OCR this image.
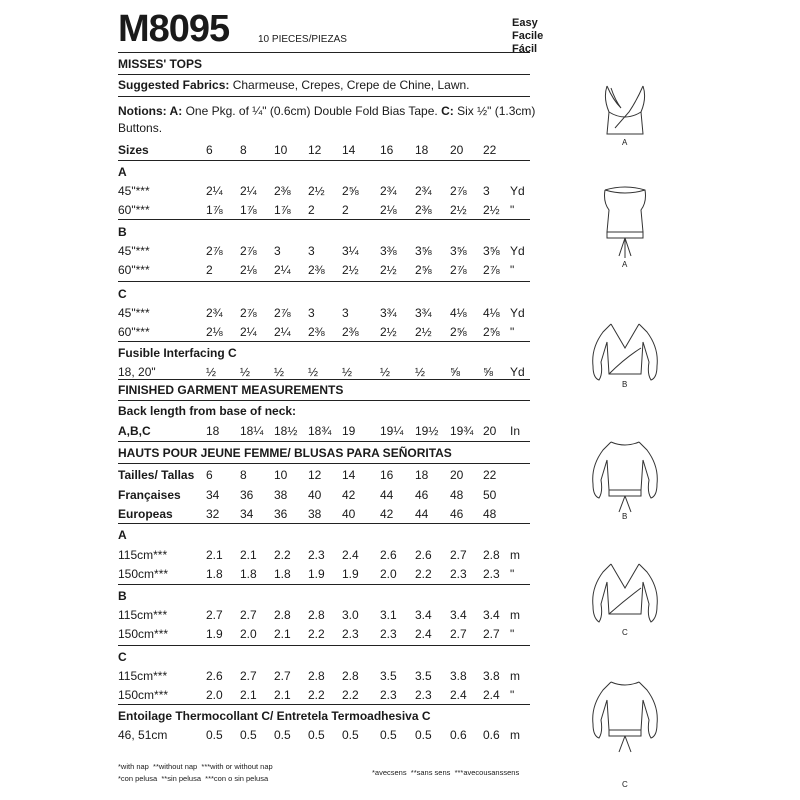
M8095	10 PIECES/PIEZAS
Easy
Facile
Fácil
MISSES' TOPS
Suggested Fabrics: Charmeuse, Crepes, Crepe de Chine, Lawn.
Notions: A: One Pkg. of ¼" (0.6cm) Double Fold Bias Tape. C: Six ½" (1.3cm)
Buttons.
Sizes	6 8 10 12 14 16 18 20 22
A
45"***	2¼ 2¼ 2⅜ 2½ 2⅝ 2¾ 2¾ 2⅞ 3 Yd
60"***	1⅞ 1⅞ 1⅞ 2 2	2⅛ 2⅜ 2½ 2½ "
B
45"***	2⅞ 2⅞ 3 3 3¼ 3⅜ 3⅝ 3⅝ 3⅝ Yd
60"***	2 2⅛ 2¼ 2⅜ 2½ 2½ 2⅝ 2⅞ 2⅞ "
C
45"***	2¾ 2⅞ 2⅞ 3 3	3¾ 3¾ 4⅛ 4⅛ Yd
60"***	2⅛ 2¼ 2¼ 2⅜ 2⅜ 2½ 2½ 2⅝ 2⅝ "
Fusible Interfacing C
18, 20"	½ ½ ½ ½ ½ ½ ½ ⅝ ⅝ Yd
FINISHED GARMENT MEASUREMENTS
Back length from base of neck:
A,B,C	18 18¼ 18½ 18¾ 19 19¼ 19½ 19¾ 20 In
HAUTS POUR JEUNE FEMME/ BLUSAS PARA SEÑORITAS
Tailles/ Tallas 6 8 10 12 14 16 18 20 22
Françaises 34 36 38 40 42 44 46 48 50
Europeas	32 34 36 38 40 42 44 46 48
A
115cm***	2.1 2.1 2.2 2.3 2.4 2.6 2.6 2.7 2.8 m
150cm***	1.8 1.8 1.8 1.9 1.9 2.0 2.2 2.3 2.3 "
B
115cm***	2.7 2.7 2.8 2.8 3.0 3.1 3.4 3.4 3.4 m
150cm***	1.9 2.0 2.1 2.2 2.3 2.3 2.4 2.7 2.7 "
C
115cm***	2.6 2.7 2.7 2.8 2.8 3.5 3.5 3.8 3.8 m
150cm***	2.0 2.1 2.1 2.2 2.2 2.3 2.3 2.4 2.4 "
Entoilage Thermocollant C/ Entretela Termoadhesiva C
46, 51cm	0.5 0.5 0.5 0.5 0.5 0.5 0.5 0.6 0.6 m
*with nap **without nap ***with or without nap
*con pelusa **sin pelusa ***con o sin pelusa
*avecsens **sans sens ***avecousanssens
A
A
B
B
C
C
